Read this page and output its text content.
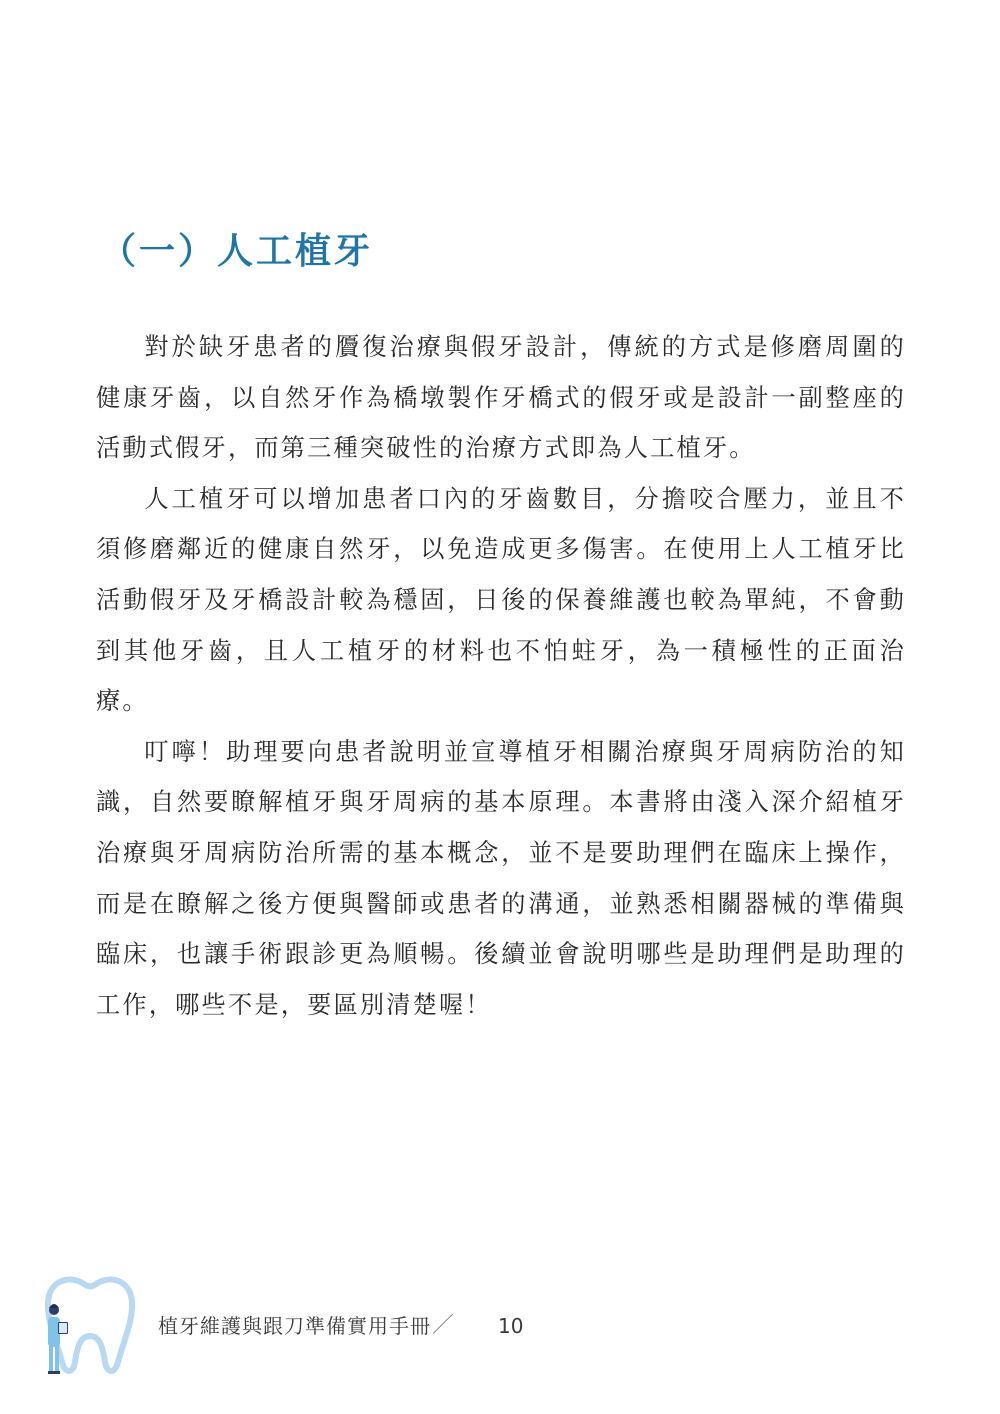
（一）人工植牙

對於缺牙患者的贗復治療與假牙設計，傳統的方式是修磨周圍的健康牙齒，以自然牙作為橋墩製作牙橋式的假牙或是設計一副整座的活動式假牙，而第三種突破性的治療方式即為人工植牙。

人工植牙可以增加患者口內的牙齒數目，分擔咬合壓力，並且不須修磨鄰近的健康自然牙，以免造成更多傷害。在使用上人工植牙比活動假牙及牙橋設計較為穩固，日後的保養維護也較為單純，不會動到其他牙齒，且人工植牙的材料也不怕蛀牙，為一積極性的正面治療。

叮嚀！助理要向患者說明並宣導植牙相關治療與牙周病防治的知識，自然要瞭解植牙與牙周病的基本原理。本書將由淺入深介紹植牙治療與牙周病防治所需的基本概念，並不是要助理們在臨床上操作，而是在瞭解之後方便與醫師或患者的溝通，並熟悉相關器械的準備與臨床，也讓手術跟診更為順暢。後續並會說明哪些是助理們是助理的工作，哪些不是，要區別清楚喔！

植牙維護與跟刀準備實用手冊 ／ 10
